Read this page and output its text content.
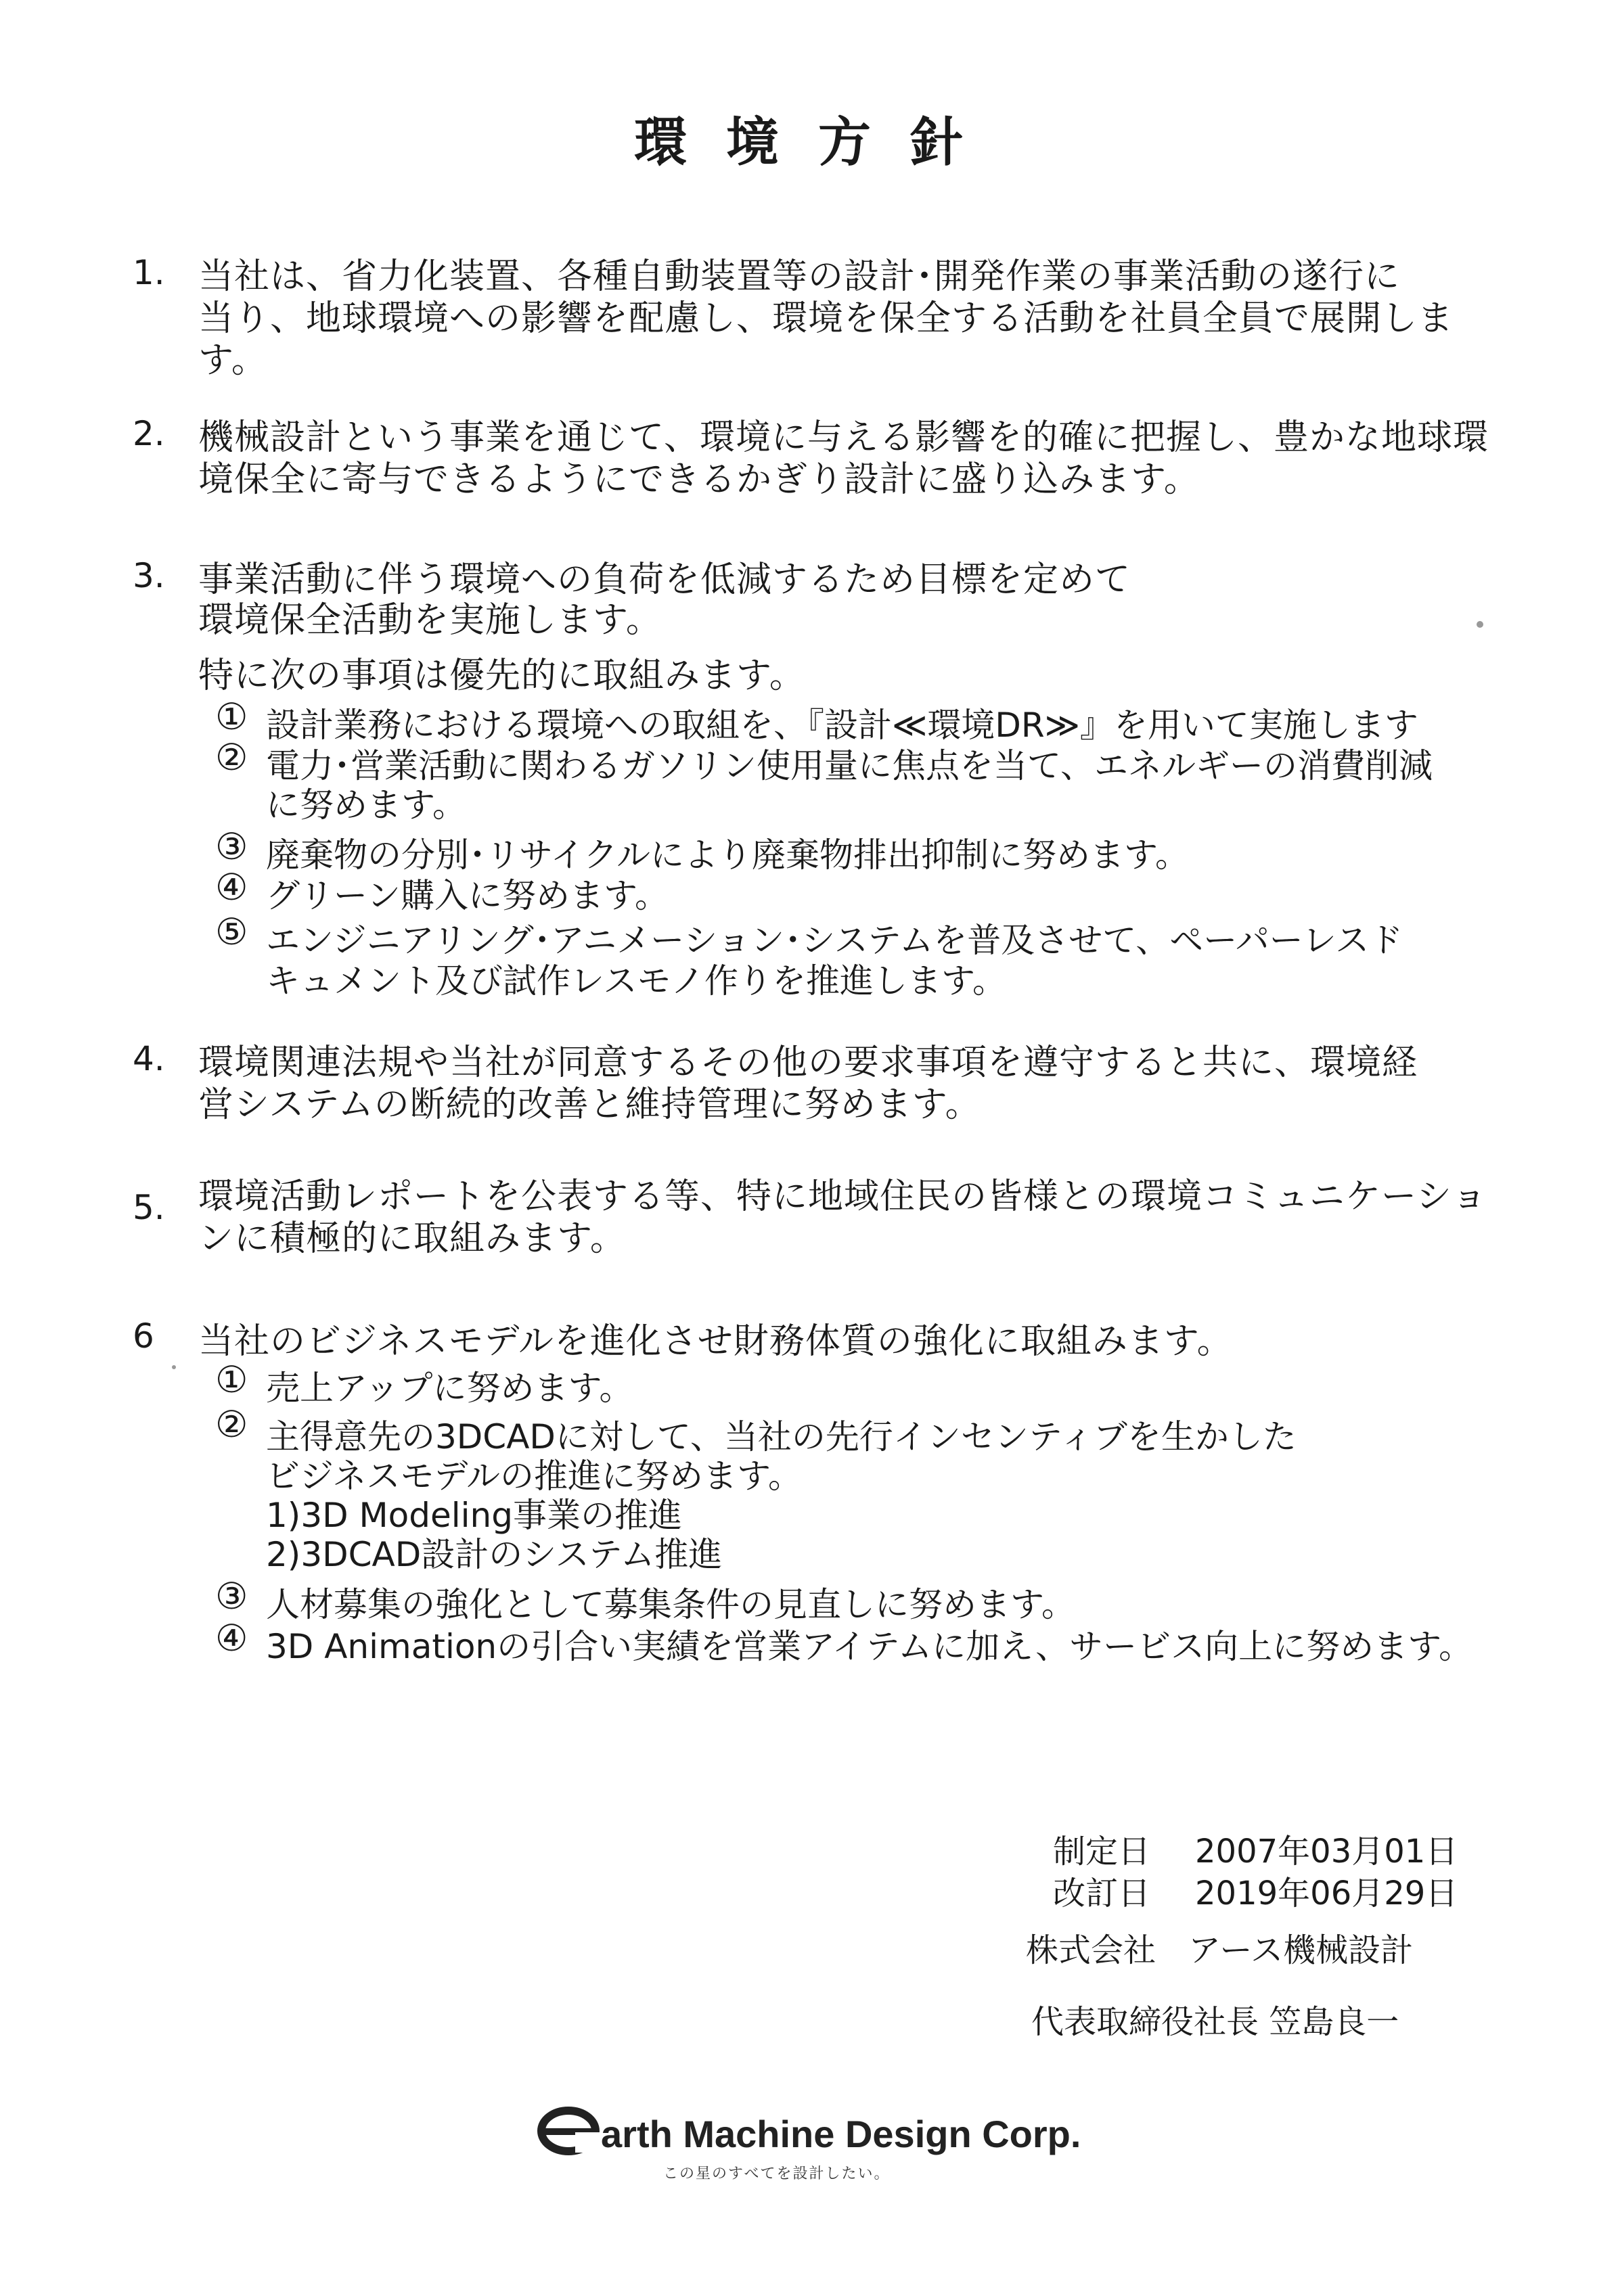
環境方針
1. 当社は、省力化装置、各種自動装置等の設計･開発作業の事業活動の遂行に
当り、地球環境への影響を配慮し、環境を保全する活動を社員全員で展開しま
す。
2. 機械設計という事業を通じて、環境に与える影響を的確に把握し、豊かな地球環
境保全に寄与できるようにできるかぎり設計に盛り込みます。
3. 事業活動に伴う環境への負荷を低減するため目標を定めて
環境保全活動を実施します。
特に次の事項は優先的に取組みます。
① 設計業務における環境への取組を、『設計≪環境DR≫』を用いて実施します
② 電力･営業活動に関わるガソリン使用量に焦点を当て、エネルギーの消費削減
に努めます。
③ 廃棄物の分別･リサイクルにより廃棄物排出抑制に努めます。
④ グリーン購入に努めます。
⑤ エンジニアリング･アニメーション･システムを普及させて、ペーパーレスド
キュメント及び試作レスモノ作りを推進します。
4. 環境関連法規や当社が同意するその他の要求事項を遵守すると共に、環境経
営システムの断続的改善と維持管理に努めます。
5. 環境活動レポートを公表する等、特に地域住民の皆様との環境コミュニケーショ
ンに積極的に取組みます。
6 当社のビジネスモデルを進化させ財務体質の強化に取組みます。
① 売上アップに努めます。
② 主得意先の3DCADに対して、当社の先行インセンティブを生かした
ビジネスモデルの推進に努めます。
1)3D Modeling事業の推進
2)3DCAD設計のシステム推進
③ 人材募集の強化として募集条件の見直しに努めます。
④ 3D Animationの引合い実績を営業アイテムに加え、サービス向上に努めます。
制定日 2007年03月01日
改訂日 2019年06月29日
株式会社　アース機械設計
代表取締役社長 笠島良一
arth Machine Design Corp.
この星のすべてを設計したい。
